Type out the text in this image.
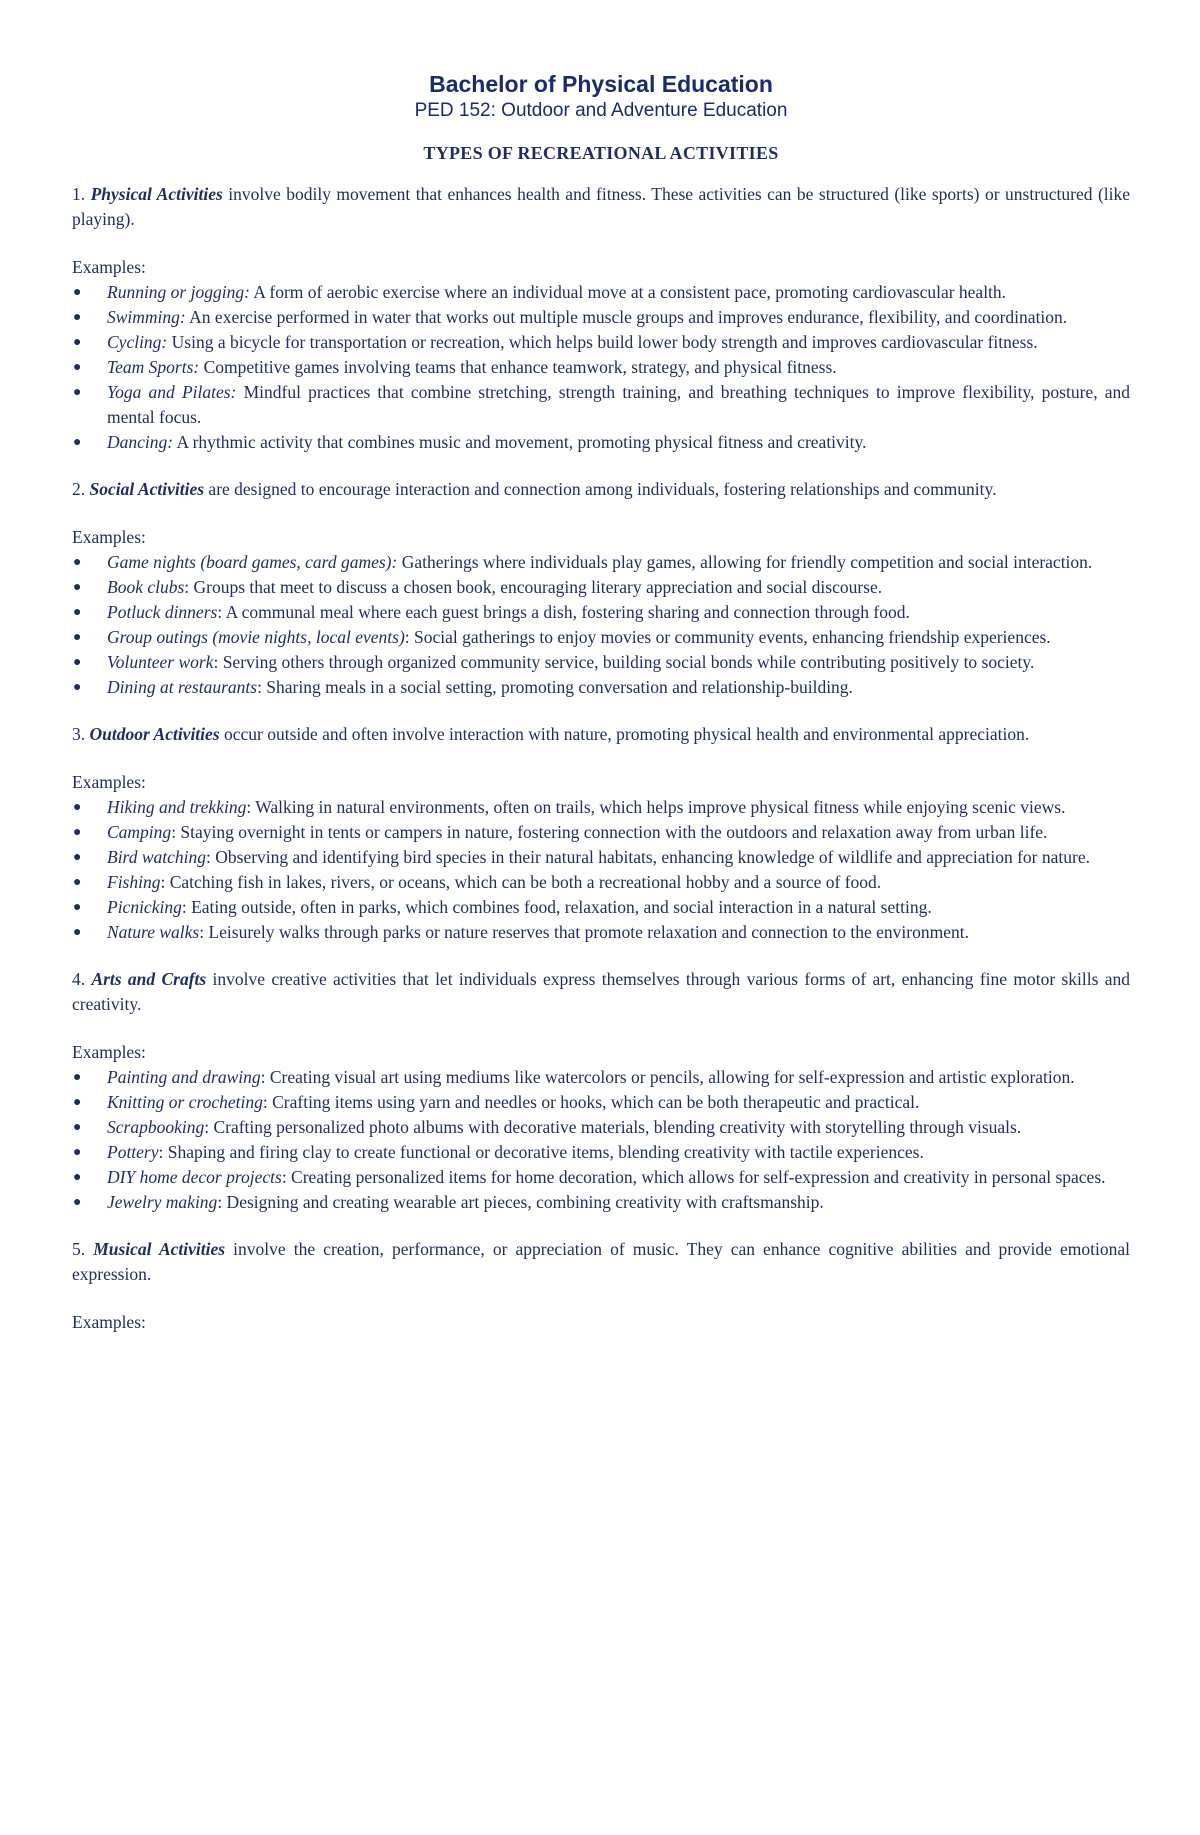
Bachelor of Physical Education
PED 152: Outdoor and Adventure Education
TYPES OF RECREATIONAL ACTIVITIES

1. Physical Activities involve bodily movement that enhances health and fitness. These activities can be structured (like sports) or unstructured (like playing).

Examples:
● Running or jogging: A form of aerobic exercise where an individual move at a consistent pace, promoting cardiovascular health.
● Swimming: An exercise performed in water that works out multiple muscle groups and improves endurance, flexibility, and coordination.
● Cycling: Using a bicycle for transportation or recreation, which helps build lower body strength and improves cardiovascular fitness.
● Team Sports: Competitive games involving teams that enhance teamwork, strategy, and physical fitness.
● Yoga and Pilates: Mindful practices that combine stretching, strength training, and breathing techniques to improve flexibility, posture, and mental focus.
● Dancing: A rhythmic activity that combines music and movement, promoting physical fitness and creativity.

2. Social Activities are designed to encourage interaction and connection among individuals, fostering relationships and community.

Examples:
● Game nights (board games, card games): Gatherings where individuals play games, allowing for friendly competition and social interaction.
● Book clubs: Groups that meet to discuss a chosen book, encouraging literary appreciation and social discourse.
● Potluck dinners: A communal meal where each guest brings a dish, fostering sharing and connection through food.
● Group outings (movie nights, local events): Social gatherings to enjoy movies or community events, enhancing friendship experiences.
● Volunteer work: Serving others through organized community service, building social bonds while contributing positively to society.
● Dining at restaurants: Sharing meals in a social setting, promoting conversation and relationship-building.

3. Outdoor Activities occur outside and often involve interaction with nature, promoting physical health and environmental appreciation.

Examples:
● Hiking and trekking: Walking in natural environments, often on trails, which helps improve physical fitness while enjoying scenic views.
● Camping: Staying overnight in tents or campers in nature, fostering connection with the outdoors and relaxation away from urban life.
● Bird watching: Observing and identifying bird species in their natural habitats, enhancing knowledge of wildlife and appreciation for nature.
● Fishing: Catching fish in lakes, rivers, or oceans, which can be both a recreational hobby and a source of food.
● Picnicking: Eating outside, often in parks, which combines food, relaxation, and social interaction in a natural setting.
● Nature walks: Leisurely walks through parks or nature reserves that promote relaxation and connection to the environment.

4. Arts and Crafts involve creative activities that let individuals express themselves through various forms of art, enhancing fine motor skills and creativity.

Examples:
● Painting and drawing: Creating visual art using mediums like watercolors or pencils, allowing for self-expression and artistic exploration.
● Knitting or crocheting: Crafting items using yarn and needles or hooks, which can be both therapeutic and practical.
● Scrapbooking: Crafting personalized photo albums with decorative materials, blending creativity with storytelling through visuals.
● Pottery: Shaping and firing clay to create functional or decorative items, blending creativity with tactile experiences.
● DIY home decor projects: Creating personalized items for home decoration, which allows for self-expression and creativity in personal spaces.
● Jewelry making: Designing and creating wearable art pieces, combining creativity with craftsmanship.

5. Musical Activities involve the creation, performance, or appreciation of music. They can enhance cognitive abilities and provide emotional expression.

Examples:
